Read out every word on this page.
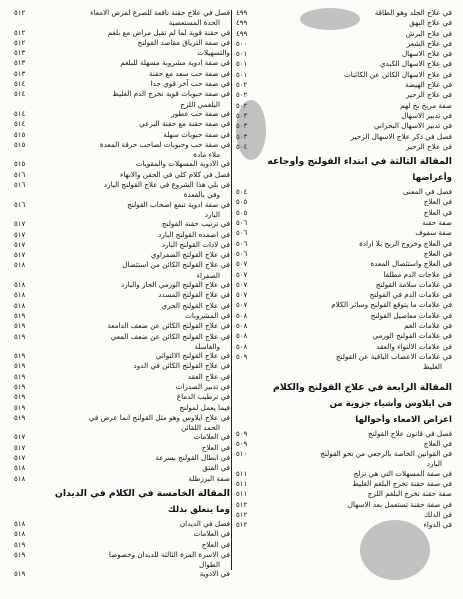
في علاج الجلد وهو الطاقة
٤٩٩
في علاج البهق
٤٩٩
في علاج البرش
٤٩٩
في علاج الشعر
٥٠٠
في علاج الاسهال
٥٠١
في علاج الاسهال الكبدي
٥٠١
في علاج الاسهال الكائن عن الكائنات
٥٠١
في علاج الهيضة
٥٠٢
في علاج الزحير
٥٠٢
صفة مربخ بخ لهم
٥٠٢
في تدبير الاسهال
٥٠٣
في تدبير الاسهال البحراني
٥٠٣
فصل في ذكر علاج الاسهال الزحير
٥٠٣
في علاج الزحير
٥٠٤
المقالة الثالثة في ابتداء القولنج وأوجاعه
وأعراضها
فصل في المعنى
٥٠٤
في العلاج
٥٠٥
في العلاج
٥٠٥
صفة حقنة
٥٠٦
صفة سفوف
٥٠٦
في العلاج وخروج الريح بلا ارادة
٥٠٦
في العلاج
٥٠٦
في العلاج واستئصال المعدة
٥٠٧
في علاجات الدم مطلقا
٥٠٧
في علامات سلامة القولنج
٥٠٧
في علامات الدم في القولنج
٥٠٧
في علامات ما يتوقع القولنج وسائر الكلام
٥٠٧
في علامات معاصيل القولنج
٥٠٨
في علامات الغم
٥٠٨
في علامات القولنج الورمي
٥٠٨
في علامات الالتواء والعقد
٥٠٨
في علامات الاعصاب الباقية عن القولنج
٥٠٩
الغليظ
المقالة الرابعة في علاج القولنج والكلام
في ايلاوس وأشياء جزوية من
اعراض الامعاء وأحوالها
فصل في قانون علاج القولنج
٥٠٩
في العلاج
٥٠٩
في القوانين الخاصة بالرجعي من نحو القولنج
٥١٠
البارد
في صفة المسهلات التي هي نزلج
٥١١
في صفة حقنة تخرج البلغم الغليظ
٥١١
صفة حقنة تخرج البلغم اللزج
٥١١
في صفة حقنة تستعمل بعد الاسهال
٥١٢
في الدلك
٥١٢
في الدواء
٥١٢
فصل في علاج حقنة نافعة للصرع لمرض الامعاء
٥١٢
الحدة المستعصية
في حقنة قوية لما لم تقبل مراض مع بلغم
٥١٢
في صفة الترياق مقاصد القولنج
٥١٢
والتسهيلات
٥١٣
في صفة ادوية مشروبة مسهلة للبلغم
٥١٣
في صفة حب سعد مع حقنة
٥١٣
في صفة حب آخر قوي جدا
٥١٤
في صفة حبوبات قوية تخرج الدم الغليظ
٥١٤
البلغمي اللزج
في صفة حب عطور
٥١٤
في صفة حقنة مع حقنة البرعي
٥١٤
في صفة حبوبات سهلة
٥١٥
في صفة حب وحبوبات لصاحب حرقة المعدة
٥١٥
ملاء مادة
في الادوية المسهلات والمقويات
٥١٥
فصل في كلام كلي في الحقن والانهاء
٥١٦
في بلي هذا الشروع في علاج القولنج البارد
٥١٦
وفي بالقعدة
في صفة ادوية تنفع اصحاب القولنج
٥١٦
البارد
في ترتيب حقنة القولنج
٥١٧
في اضمده القولنج البارد
٥١٧
في لادات القولنج البارد
٥١٧
في علاج القولنج الصفراوي
٥١٧
في علاج القولنج الكائن من استئصال
٥١٨
الصفراء
في علاج القولنج الورمي الحار والبارد
٥١٨
في علاج القولنج المسدد
٥١٨
في علاج القولنج الحري
٥١٨
في المشروبات
٥١٩
في علاج القولنج الكائن عن ضعف الدامعة
٥١٩
في علاج القولنج الكائن عن ضعف المعي
٥١٩
والغاسلة
في علاج القولنج الالتوائي
٥١٩
في علاج القولنج الكائن في الدود
٥١٩
في علاج العقد
٥١٩
في تدبير الصدرات
٥١٩
في ترطيب الدماغ
٥١٩
فيما يعمل لمولنج
٥١٩
في علاج ايلاوس وهو مثل القولنج انما عرض في
٥١٩
الحمد اللقائن
في العلامات
٥١٧
في العلاج
٥١٧
في ابطال القولنج بسرعة
٥١٧
في الفتق
٥١٨
صفة البرزطلة
٥١٨
المقالة الخامسة في الكلام في الديدان
وما يتعلق بذلك
فصل في الديدان
٥١٨
في العلامات
٥١٨
في العلاج
٥١٩
في الاسرة المزة الثالثة للديدان وخصوصا
٥١٩
الطوال
في الادوية
٥١٩
